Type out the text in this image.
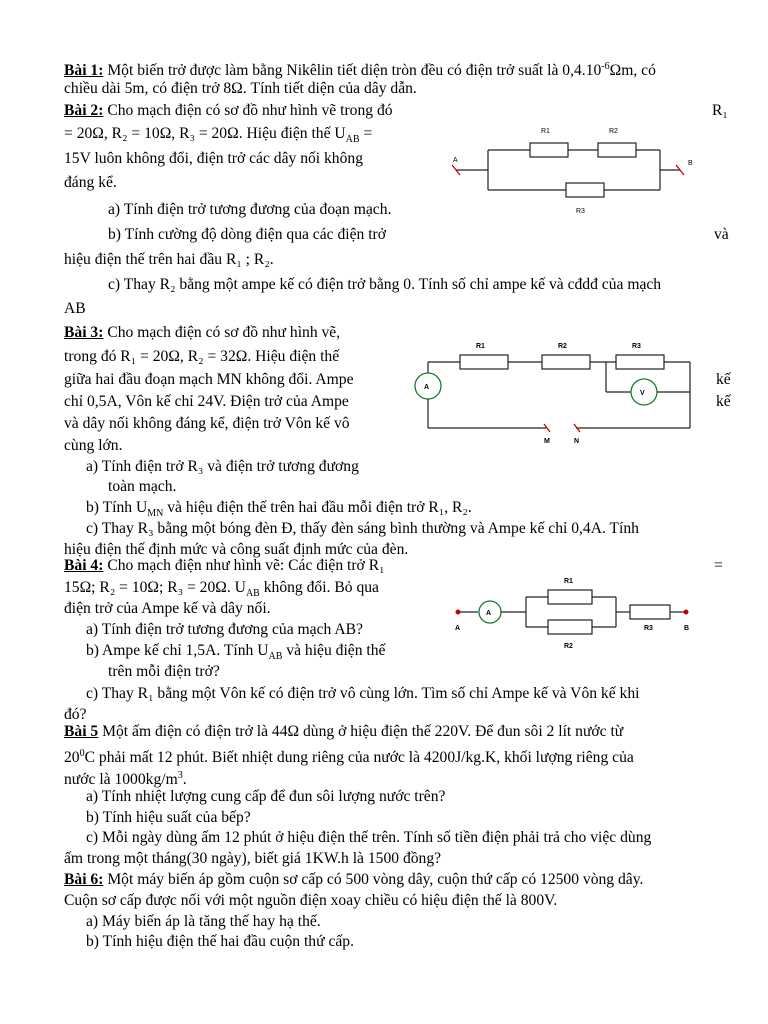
Bài 1: Một biến trở được làm bằng Nikêlin tiết diện tròn đều có điện trở suất là $0,4.10^{-6}\Omega m$, có
chiều dài 5m, có điện trở 8Ω. Tính tiết diện của dây dẫn.
Bài 2: Cho mạch điện có sơ đồ như hình vẽ trong đó	R₁
= 20Ω, R₂ = 10Ω, R₃ = 20Ω. Hiệu điện thế $U_{AB}$ =
15V luôn không đổi, điện trở các dây nối không
đáng kể.
a) Tính điện trở tương đương của đoạn mạch.
b) Tính cường độ dòng điện qua các điện trở	và
hiệu điện thế trên hai đầu R₁ ; R₂.
c) Thay R₂ bằng một ampe kế có điện trở bằng 0. Tính số chỉ ampe kế và cđdđ của mạch
AB
A	B
R1	R2
R3
Bài 3: Cho mạch điện có sơ đồ như hình vẽ,
trong đó R₁ = 20Ω, R₂ = 32Ω. Hiệu điện thế
giữa hai đầu đoạn mạch MN không đổi. Ampe	kế
chỉ 0,5A, Vôn kế chỉ 24V. Điện trở của Ampe	kế
và dây nối không đáng kể, điện trở Vôn kế vô
cùng lớn.
a) Tính điện trở R₃ và điện trở tương đương
toàn mạch.
b) Tính $U_{MN}$ và hiệu điện thế trên hai đầu mỗi điện trở R₁, R₂.
c) Thay R₃ bằng một bóng đèn Đ, thấy đèn sáng bình thường và Ampe kế chỉ 0,4A. Tính
hiệu điện thế định mức và công suất định mức của đèn.
A
V
R1	R2	R3
M	N
Bài 4: Cho mạch điện như hình vẽ: Các điện trở R₁	=
15Ω; R₂ = 10Ω; R₃ = 20Ω. $U_{AB}$ không đổi. Bỏ qua
điện trở của Ampe kế và dây nối.
a) Tính điện trở tương đương của mạch AB?
b) Ampe kế chỉ 1,5A. Tính $U_{AB}$ và hiệu điện thế
trên mỗi điện trở?
c) Thay R₁ bằng một Vôn kế có điện trở vô cùng lớn. Tìm số chỉ Ampe kế và Vôn kế khi
đó?
A
A	B
R1
R2
R3
Bài 5 Một ấm điện có điện trở là 44Ω dùng ở hiệu điện thế 220V. Để đun sôi 2 lít nước từ
$20^0C$ phải mất 12 phút. Biết nhiệt dung riêng của nước là 4200J/kg.K, khối lượng riêng của
nước là $1000kg/m^3$.
a) Tính nhiệt lượng cung cấp để đun sôi lượng nước trên?
b) Tính hiệu suất của bếp?
c) Mỗi ngày dùng ấm 12 phút ở hiệu điện thế trên. Tính số tiền điện phải trả cho việc dùng
ấm trong một tháng(30 ngày), biết giá 1KW.h là 1500 đồng?
Bài 6: Một máy biến áp gồm cuộn sơ cấp có 500 vòng dây, cuộn thứ cấp có 12500 vòng dây.
Cuộn sơ cấp được nối với một nguồn điện xoay chiều có hiệu điện thế là 800V.
a) Máy biến áp là tăng thế hay hạ thế.
b) Tính hiệu điện thế hai đầu cuộn thứ cấp.
